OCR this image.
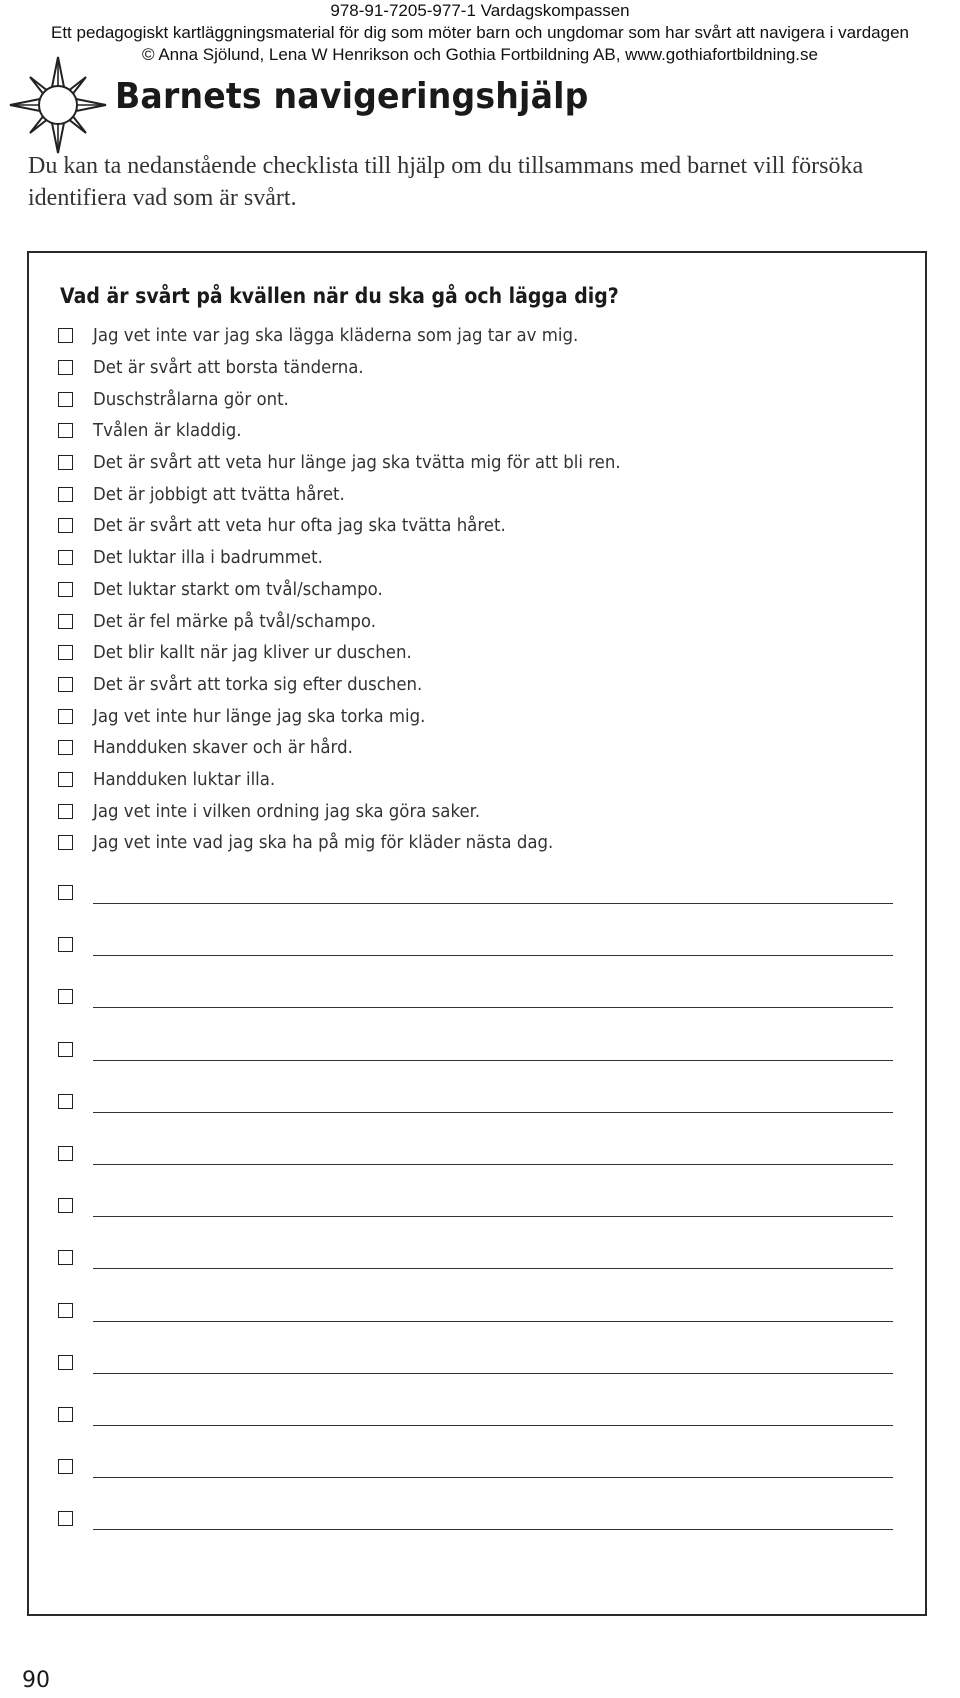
978-91-7205-977-1 Vardagskompassen
Ett pedagogiskt kartläggningsmaterial för dig som möter barn och ungdomar som har svårt att navigera i vardagen
© Anna Sjölund, Lena W Henrikson och Gothia Fortbildning AB, www.gothiafortbildning.se
Barnets navigeringshjälp
Du kan ta nedanstående checklista till hjälp om du tillsammans med barnet vill försöka identifiera vad som är svårt.
Vad är svårt på kvällen när du ska gå och lägga dig?
Jag vet inte var jag ska lägga kläderna som jag tar av mig.
Det är svårt att borsta tänderna.
Duschstrålarna gör ont.
Tvålen är kladdig.
Det är svårt att veta hur länge jag ska tvätta mig för att bli ren.
Det är jobbigt att tvätta håret.
Det är svårt att veta hur ofta jag ska tvätta håret.
Det luktar illa i badrummet.
Det luktar starkt om tvål/schampo.
Det är fel märke på tvål/schampo.
Det blir kallt när jag kliver ur duschen.
Det är svårt att torka sig efter duschen.
Jag vet inte hur länge jag ska torka mig.
Handduken skaver och är hård.
Handduken luktar illa.
Jag vet inte i vilken ordning jag ska göra saker.
Jag vet inte vad jag ska ha på mig för kläder nästa dag.
90
